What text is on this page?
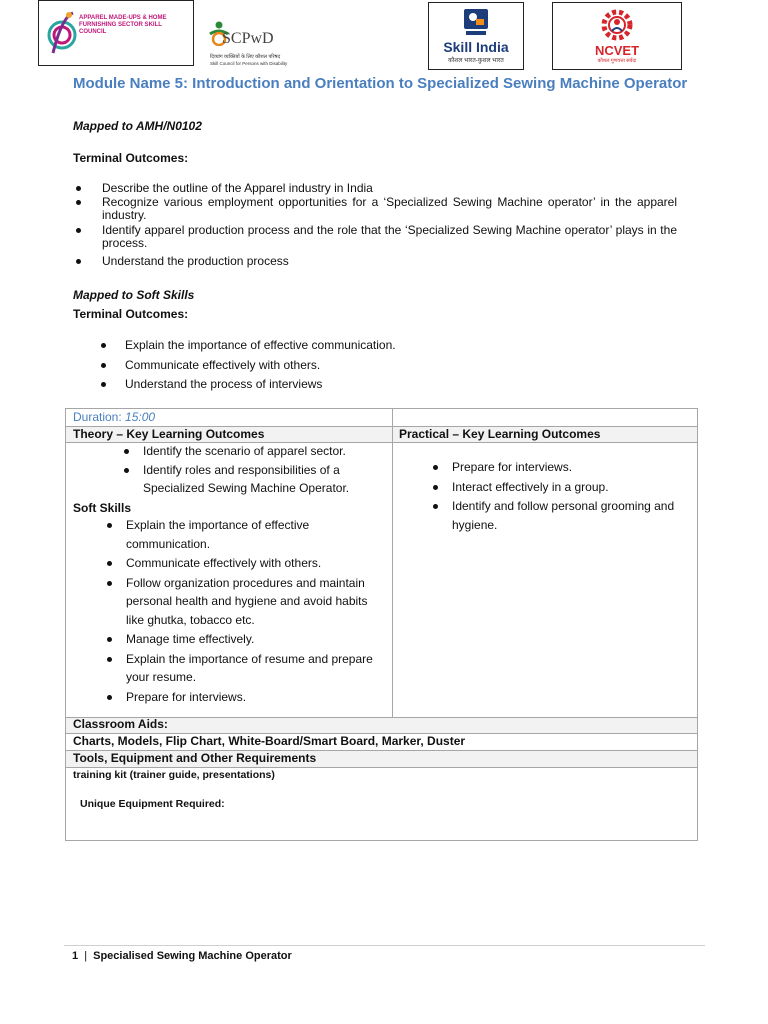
APPAREL MADE-UPS & HOME FURNISHING SECTOR SKILL COUNCIL	SCPwD
दिव्यांग व्यक्तियों के लिए कौशल परिषद
Skill Council for Persons with Disability
Skill India
कौशल भारत-कुशल भारत
NCVET
कौशल गुणवत्ता सर्वदा
Module Name 5: Introduction and Orientation to Specialized Sewing Machine Operator
Mapped to AMH/N0102
Terminal Outcomes:
Describe the outline of the Apparel industry in India
Recognize various employment opportunities for a ‘Specialized Sewing Machine operator’ in the apparel industry.
Identify apparel production process and the role that the ‘Specialized Sewing Machine operator’ plays in the process.
Understand the production process
Mapped to Soft Skills
Terminal Outcomes:
Explain the importance of effective communication.
Communicate effectively with others.
Understand the process of interviews
Duration: 15:00
Theory – Key Learning Outcomes	Practical – Key Learning Outcomes
Identify the scenario of apparel sector.
Identify roles and responsibilities of a Specialized Sewing Machine Operator.
Soft Skills
Explain the importance of effective communication.
Communicate effectively with others.
Follow organization procedures and maintain personal health and hygiene and avoid habits like ghutka, tobacco etc.
Manage time effectively.
Explain the importance of resume and prepare your resume.
Prepare for interviews.
Prepare for interviews.
Interact effectively in a group.
Identify and follow personal grooming and hygiene.
Classroom Aids:
Charts, Models, Flip Chart, White-Board/Smart Board, Marker, Duster
Tools, Equipment and Other Requirements
training kit (trainer guide, presentations)
Unique Equipment Required:
1 | Specialised Sewing Machine Operator
